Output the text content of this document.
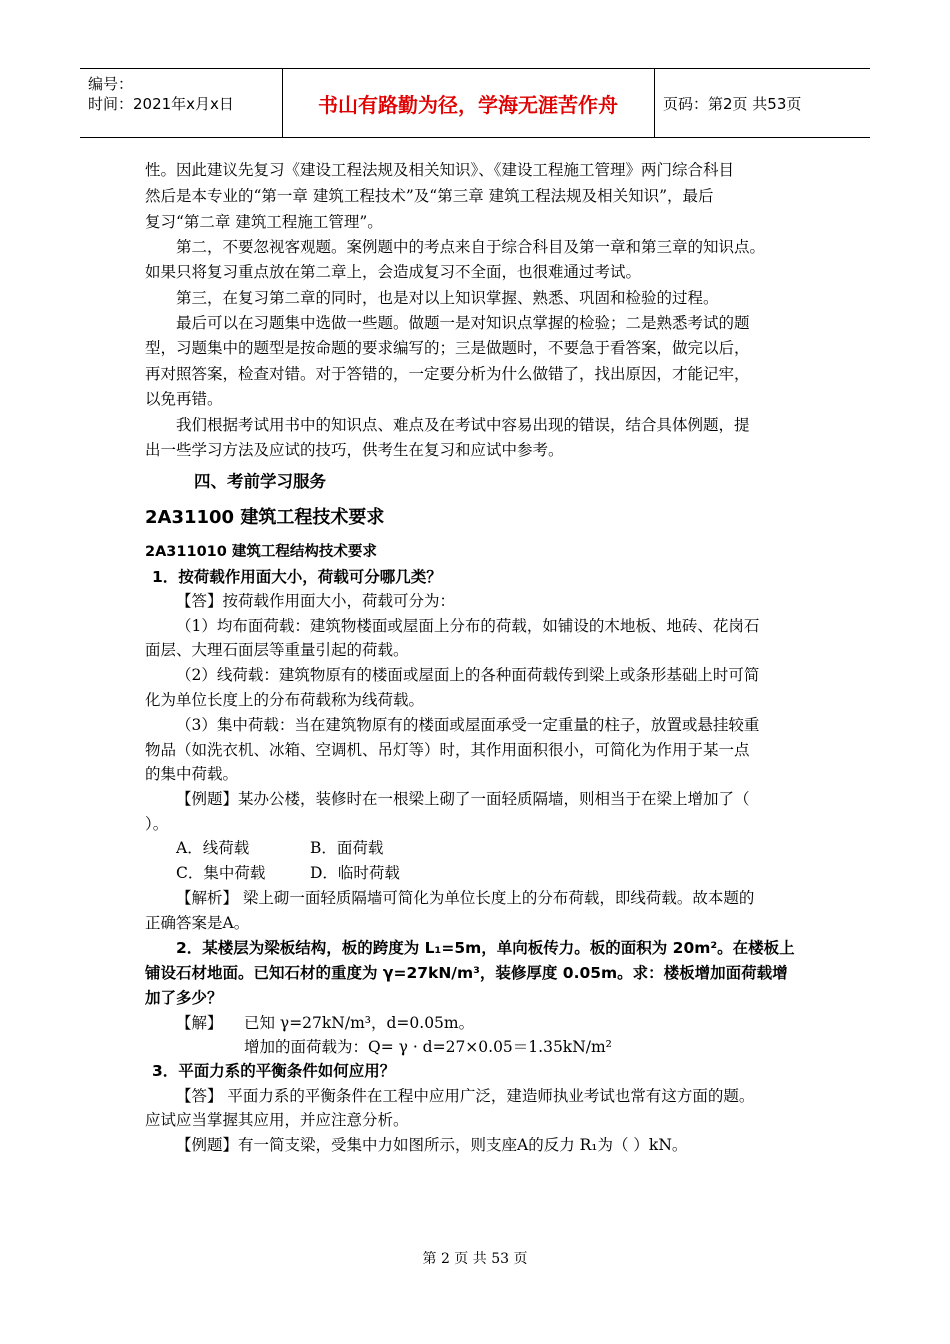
编号：
时间：2021年x月x日	书山有路勤为径，学海无涯苦作舟	页码：第2页 共53页
性。因此建议先复习《建设工程法规及相关知识》、《建设工程施工管理》两门综合科目
然后是本专业的“第一章 建筑工程技术”及“第三章 建筑工程法规及相关知识”，最后
复习“第二章 建筑工程施工管理”。
第二，不要忽视客观题。案例题中的考点来自于综合科目及第一章和第三章的知识点。
如果只将复习重点放在第二章上，会造成复习不全面，也很难通过考试。
第三，在复习第二章的同时，也是对以上知识掌握、熟悉、巩固和检验的过程。
最后可以在习题集中选做一些题。做题一是对知识点掌握的检验；二是熟悉考试的题
型，习题集中的题型是按命题的要求编写的；三是做题时，不要急于看答案，做完以后，
再对照答案，检查对错。对于答错的，一定要分析为什么做错了，找出原因，才能记牢，
以免再错。
我们根据考试用书中的知识点、难点及在考试中容易出现的错误，结合具体例题，提
出一些学习方法及应试的技巧，供考生在复习和应试中参考。
四、考前学习服务
2A31100 建筑工程技术要求
2A311010 建筑工程结构技术要求
1．按荷载作用面大小，荷载可分哪几类？
【答】按荷载作用面大小，荷载可分为：
（1）均布面荷载：建筑物楼面或屋面上分布的荷载，如铺设的木地板、地砖、花岗石
面层、大理石面层等重量引起的荷载。
（2）线荷载：建筑物原有的楼面或屋面上的各种面荷载传到梁上或条形基础上时可简
化为单位长度上的分布荷载称为线荷载。
（3）集中荷载：当在建筑物原有的楼面或屋面承受一定重量的柱子，放置或悬挂较重
物品（如洗衣机、冰箱、空调机、吊灯等）时，其作用面积很小，可简化为作用于某一点
的集中荷载。
【例题】某办公楼，装修时在一根梁上砌了一面轻质隔墙，则相当于在梁上增加了（
）。
A．线荷载	B．面荷载
C．集中荷载	D．临时荷载
【解析】 梁上砌一面轻质隔墙可简化为单位长度上的分布荷载，即线荷载。故本题的
正确答案是A。
2．某楼层为梁板结构，板的跨度为 L₁=5m，单向板传力。板的面积为 20m²。在楼板上
铺设石材地面。已知石材的重度为 γ=27kN/m³，装修厚度 0.05m。求：楼板增加面荷载增
加了多少？
【解】 已知 γ=27kN/m³，d=0.05m。
增加的面荷载为：Q= γ · d=27×0.05＝1.35kN/m²
3．平面力系的平衡条件如何应用？
【答】 平面力系的平衡条件在工程中应用广泛，建造师执业考试也常有这方面的题。
应试应当掌握其应用，并应注意分析。
【例题】有一简支梁，受集中力如图所示，则支座A的反力 R₁为（ ）kN。
第 2 页 共 53 页
